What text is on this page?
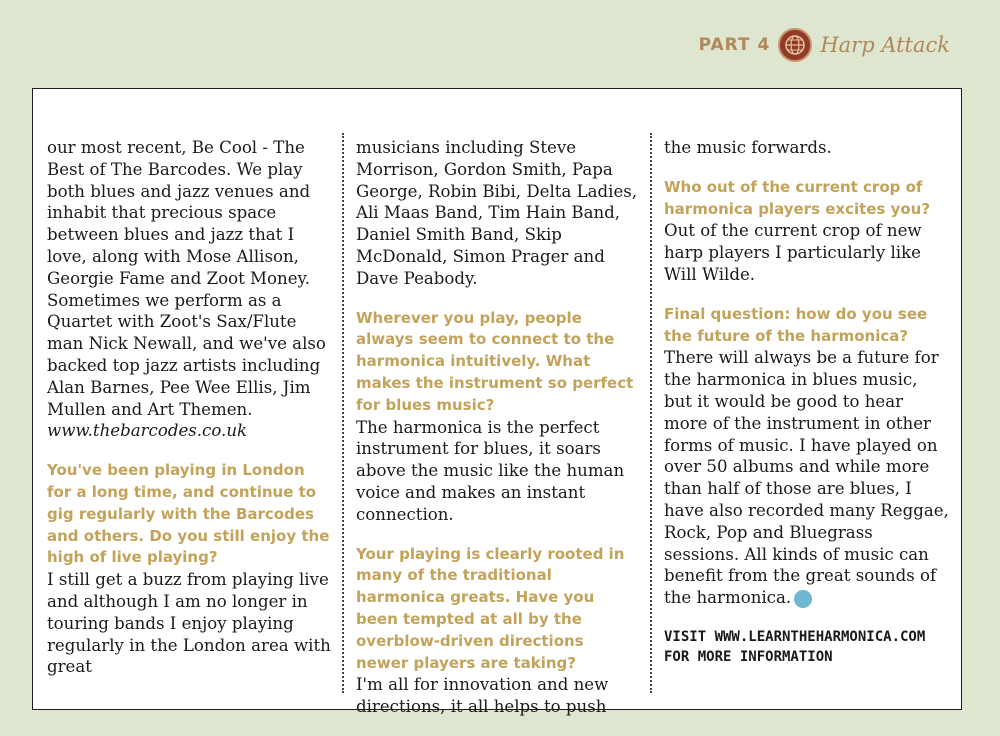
PART 4 Harp Attack

our most recent, Be Cool - The Best of The Barcodes. We play both blues and jazz venues and inhabit that precious space between blues and jazz that I love, along with Mose Allison, Georgie Fame and Zoot Money. Sometimes we perform as a Quartet with Zoot's Sax/Flute man Nick Newall, and we've also backed top jazz artists including Alan Barnes, Pee Wee Ellis, Jim Mullen and Art Themen. www.thebarcodes.co.uk

You've been playing in London for a long time, and continue to gig regularly with the Barcodes and others. Do you still enjoy the high of live playing?
I still get a buzz from playing live and although I am no longer in touring bands I enjoy playing regularly in the London area with great

musicians including Steve Morrison, Gordon Smith, Papa George, Robin Bibi, Delta Ladies, Ali Maas Band, Tim Hain Band, Daniel Smith Band, Skip McDonald, Simon Prager and Dave Peabody.

Wherever you play, people always seem to connect to the harmonica intuitively. What makes the instrument so perfect for blues music?
The harmonica is the perfect instrument for blues, it soars above the music like the human voice and makes an instant connection.

Your playing is clearly rooted in many of the traditional harmonica greats. Have you been tempted at all by the overblow-driven directions newer players are taking?
I'm all for innovation and new directions, it all helps to push

the music forwards.

Who out of the current crop of harmonica players excites you?
Out of the current crop of new harp players I particularly like Will Wilde.

Final question: how do you see the future of the harmonica?
There will always be a future for the harmonica in blues music, but it would be good to hear more of the instrument in other forms of music. I have played on over 50 albums and while more than half of those are blues, I have also recorded many Reggae, Rock, Pop and Bluegrass sessions. All kinds of music can benefit from the great sounds of the harmonica.

VISIT WWW.LEARNTHEHARMONICA.COM FOR MORE INFORMATION
